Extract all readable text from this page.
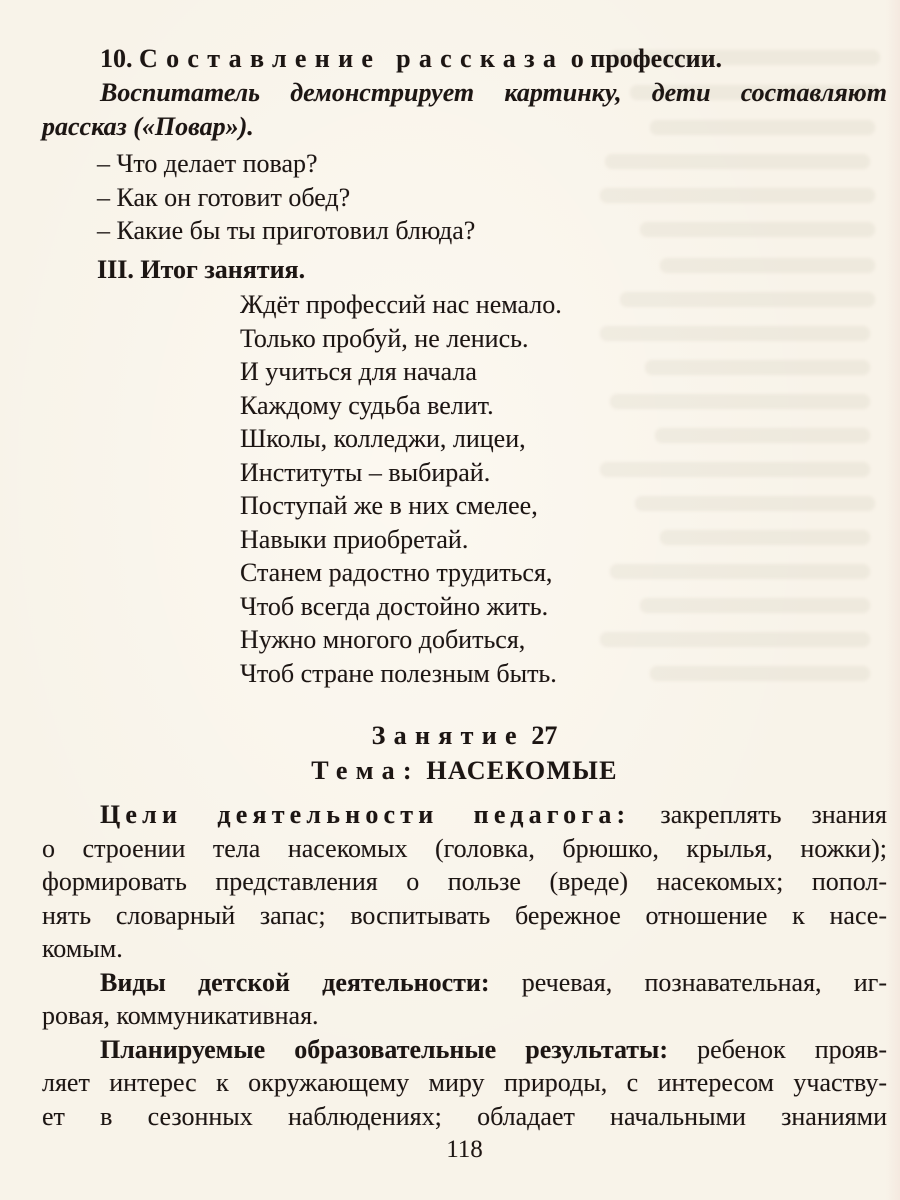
10. Составление рассказа о профессии.

Воспитатель демонстрирует картинку, дети составляют
рассказ («Повар»).

– Что делает повар?
– Как он готовит обед?
– Какие бы ты приготовил блюда?
III. Итог занятия.
Ждёт профессий нас немало.
Только пробуй, не ленись.
И учиться для начала
Каждому судьба велит.
Школы, колледжи, лицеи,
Институты – выбирай.
Поступай же в них смелее,
Навыки приобретай.
Станем радостно трудиться,
Чтоб всегда достойно жить.
Нужно многого добиться,
Чтоб стране полезным быть.
Занятие 27
Тема: НАСЕКОМЫЕ
Цели деятельности педагога: закреплять знания
о строении тела насекомых (головка, брюшко, крылья, ножки);
формировать представления о пользе (вреде) насекомых; попол-
нять словарный запас; воспитывать бережное отношение к насе-
комым.
Виды детской деятельности: речевая, познавательная, иг-
ровая, коммуникативная.
Планируемые образовательные результаты: ребенок прояв-
ляет интерес к окружающему миру природы, с интересом участву-
ет в сезонных наблюдениях; обладает начальными знаниями
118
